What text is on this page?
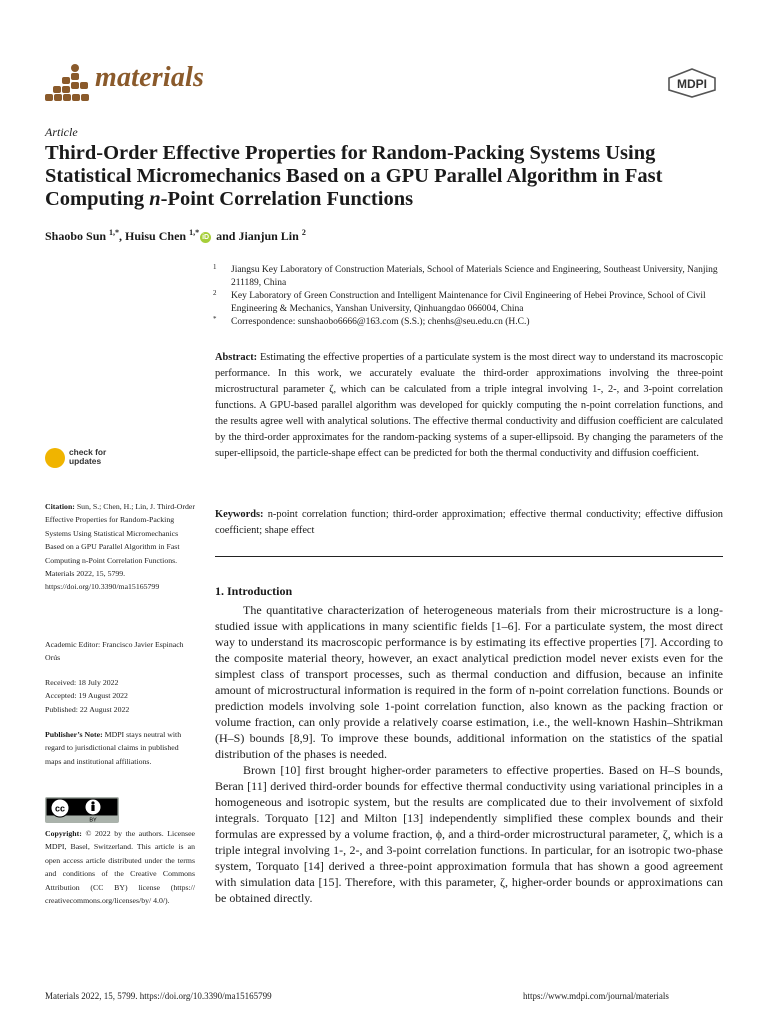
materials	MDPI
Article
Third-Order Effective Properties for Random-Packing Systems Using Statistical Micromechanics Based on a GPU Parallel Algorithm in Fast Computing n-Point Correlation Functions
Shaobo Sun $^{1,*}$, Huisu Chen $^{1,*}$iD and Jianjun Lin $^2$
1 Jiangsu Key Laboratory of Construction Materials, School of Materials Science and Engineering, Southeast University, Nanjing 211189, China
2 Key Laboratory of Green Construction and Intelligent Maintenance for Civil Engineering of Hebei Province, School of Civil Engineering & Mechanics, Yanshan University, Qinhuangdao 066004, China
* Correspondence: sunshaobo6666@163.com (S.S.); chenhs@seu.edu.cn (H.C.)
Abstract: Estimating the effective properties of a particulate system is the most direct way to understand its macroscopic performance. In this work, we accurately evaluate the third-order approximations involving the three-point microstructural parameter ζ, which can be calculated from a triple integral involving 1-, 2-, and 3-point correlation functions. A GPU-based parallel algorithm was developed for quickly computing the n-point correlation functions, and the results agree well with analytical solutions. The effective thermal conductivity and diffusion coefficient are calculated by the third-order approximates for the random-packing systems of a super-ellipsoid. By changing the parameters of the super-ellipsoid, the particle-shape effect can be predicted for both the thermal conductivity and diffusion coefficient.
Keywords: n-point correlation function; third-order approximation; effective thermal conductivity; effective diffusion coefficient; shape effect
check for
updates
Citation: Sun, S.; Chen, H.; Lin, J. Third-Order Effective Properties for Random-Packing Systems Using Statistical Micromechanics Based on a GPU Parallel Algorithm in Fast Computing n-Point Correlation Functions. Materials 2022, 15, 5799. https://doi.org/10.3390/ma15165799
Academic Editor: Francisco Javier Espinach Orús
Received: 18 July 2022
Accepted: 19 August 2022
Published: 22 August 2022
Publisher’s Note: MDPI stays neutral with regard to jurisdictional claims in published maps and institutional affiliations.
cc
BY
Copyright: © 2022 by the authors. Licensee MDPI, Basel, Switzerland. This article is an open access article distributed under the terms and conditions of the Creative Commons Attribution (CC BY) license (https:// creativecommons.org/licenses/by/ 4.0/).
1. Introduction

The quantitative characterization of heterogeneous materials from their microstructure is a long-studied issue with applications in many scientific fields [1–6]. For a particulate system, the most direct way to understand its macroscopic performance is by estimating its effective properties [7]. According to the composite material theory, however, an exact analytical prediction model never exists even for the simplest class of transport processes, such as thermal conduction and diffusion, because an infinite amount of microstructural information is required in the form of n-point correlation functions. Bounds or prediction models involving sole 1-point correlation function, also known as the packing fraction or volume fraction, can only provide a relatively coarse estimation, i.e., the well-known Hashin–Shtrikman (H–S) bounds [8,9]. To improve these bounds, additional information on the statistics of the spatial distribution of the phases is needed.

Brown [10] first brought higher-order parameters to effective properties. Based on H–S bounds, Beran [11] derived third-order bounds for effective thermal conductivity using variational principles in a homogeneous and isotropic system, but the results are complicated due to their involvement of sixfold integrals. Torquato [12] and Milton [13] independently simplified these complex bounds and their formulas are expressed by a volume fraction, ϕ, and a third-order microstructural parameter, ζ, which is a triple integral involving 1-, 2-, and 3-point correlation functions. In particular, for an isotropic two-phase system, Torquato [14] derived a three-point approximation formula that has shown a good agreement with simulation data [15]. Therefore, with this parameter, ζ, higher-order bounds or approximations can be obtained directly.

Materials 2022, 15, 5799. https://doi.org/10.3390/ma15165799	https://www.mdpi.com/journal/materials
